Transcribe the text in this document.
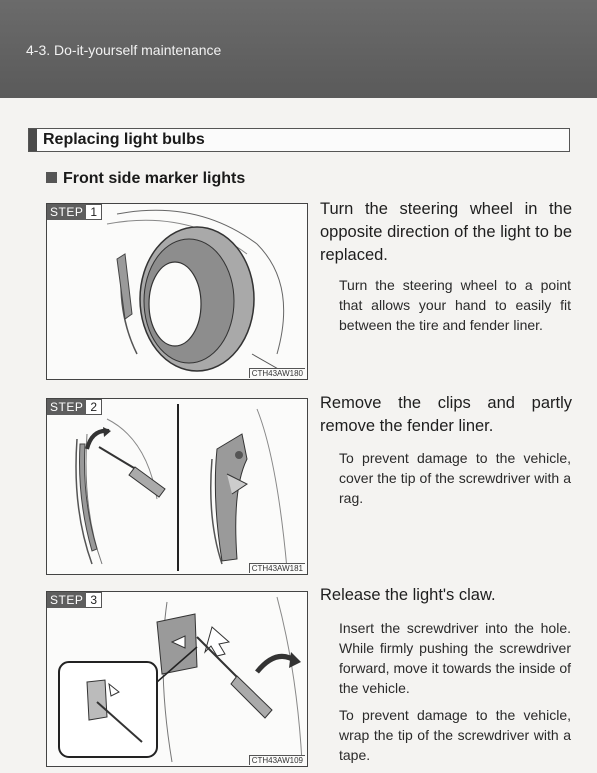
4-3. Do-it-yourself maintenance
Replacing light bulbs
Front side marker lights
STEP 1
CTH43AW180
Turn the steering wheel in the opposite direction of the light to be replaced.
Turn the steering wheel to a point that allows your hand to easily fit between the tire and fender liner.
STEP 2
CTH43AW181
Remove the clips and partly remove the fender liner.
To prevent damage to the vehicle, cover the tip of the screwdriver with a rag.
STEP 3
CTH43AW109
Release the light's claw.
Insert the screwdriver into the hole. While firmly pushing the screwdriver forward, move it towards the inside of the vehicle.
To prevent damage to the vehicle, wrap the tip of the screwdriver with a tape.
